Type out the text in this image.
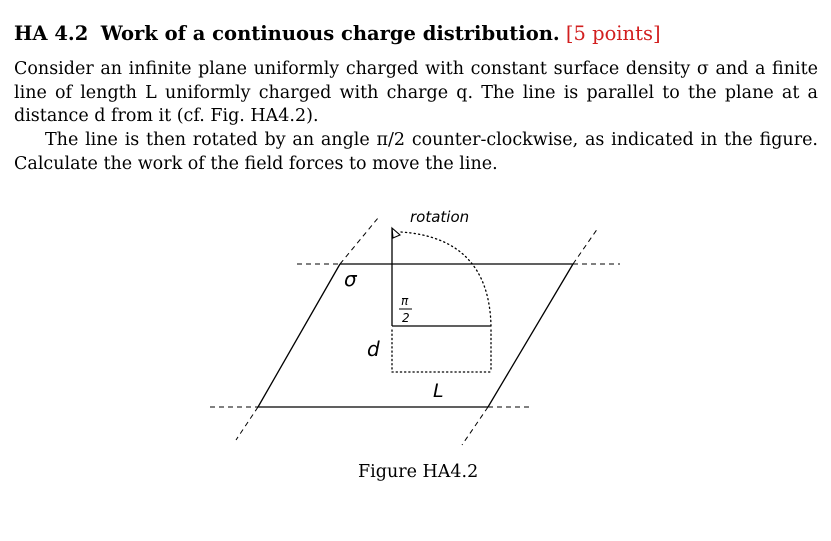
HA 4.2 Work of a continuous charge distribution. [5 points]
Consider an infinite plane uniformly charged with constant surface density σ and a finite line of length L uniformly charged with charge q. The line is parallel to the plane at a distance d from it (cf. Fig. HA4.2).
The line is then rotated by an angle π/2 counter-clockwise, as indicated in the figure. Calculate the work of the field forces to move the line.
σ
rotation
π
2
d
L
Figure HA4.2
